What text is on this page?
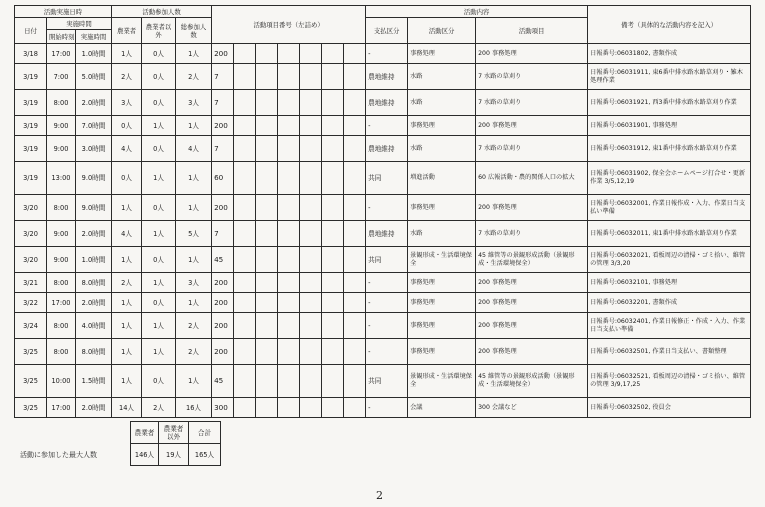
活動実施日時			活動参加人数			活動項目番号（左詰め）							活動内容			備考（具体的な活動内容を記入）
日付	実施時間		農業者	農業者以外	総参加人数								支払区分	活動区分	活動項目	
	開始時刻	実施時間														
3/18	17:00	1.0時間	1人	0人	1人	200							-	事務処理	200 事務処理	日報番号:06031802, 書類作成
3/19	7:00	5.0時間	2人	0人	2人	7							農地維持	水路	7 水路の草刈り	日報番号:06031911, 東6番中排水路水路草刈り・雑木処理作業
3/19	8:00	2.0時間	3人	0人	3人	7							農地維持	水路	7 水路の草刈り	日報番号:06031921, 西3番中排水路水路草刈り作業
3/19	9:00	7.0時間	0人	1人	1人	200							-	事務処理	200 事務処理	日報番号:06031901, 事務処理
3/19	9:00	3.0時間	4人	0人	4人	7							農地維持	水路	7 水路の草刈り	日報番号:06031912, 東1番中排水路水路草刈り作業
3/19	13:00	9.0時間	0人	1人	1人	60							共同	増進活動	60 広報活動・農的関係人口の拡大	日報番号:06031902, 保全会ホームページ打合せ・更新作業 3/5,12,19
3/20	8:00	9.0時間	1人	0人	1人	200							-	事務処理	200 事務処理	日報番号:06032001, 作業日報作成・入力、作業日当支払い準備
3/20	9:00	2.0時間	4人	1人	5人	7							農地維持	水路	7 水路の草刈り	日報番号:06032011, 東1番中排水路水路草刈り作業
3/20	9:00	1.0時間	1人	0人	1人	45							共同	景観形成・生活環境保全	45 維管等の景観形成活動（景観形成・生活環境保全）	日報番号:06032021, 看板周辺の清掃・ゴミ拾い、維管の管理 3/3,20
3/21	8:00	8.0時間	2人	1人	3人	200							-	事務処理	200 事務処理	日報番号:06032101, 事務処理
3/22	17:00	2.0時間	1人	0人	1人	200							-	事務処理	200 事務処理	日報番号:06032201, 書類作成
3/24	8:00	4.0時間	1人	1人	2人	200							-	事務処理	200 事務処理	日報番号:06032401, 作業日報修正・作成・入力、作業日当支払い準備
3/25	8:00	8.0時間	1人	1人	2人	200							-	事務処理	200 事務処理	日報番号:06032501, 作業日当支払い、書類整理
3/25	10:00	1.5時間	1人	0人	1人	45							共同	景観形成・生活環境保全	45 維管等の景観形成活動（景観形成・生活環境保全）	日報番号:06032521, 看板周辺の清掃・ゴミ拾い、維管の管理 3/9,17,25
3/25	17:00	2.0時間	14人	2人	16人	300							-	会議	300 会議など	日報番号:06032502, 役員会
活動に参加した最大人数
農業者	農業者以外	合計
146人	19人	165人
2
